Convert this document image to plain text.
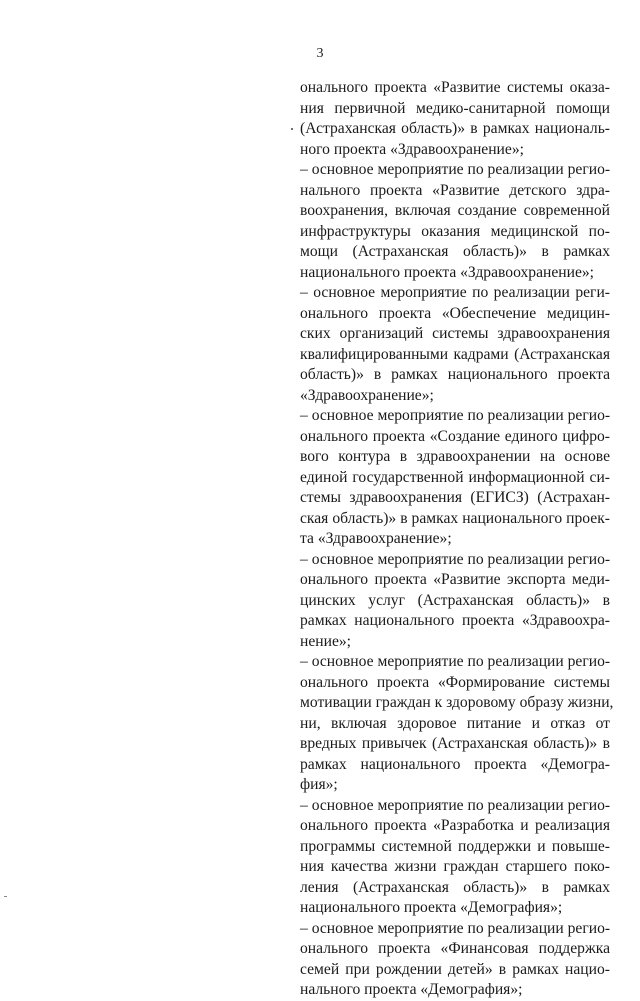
3
онального проекта «Развитие системы оказа-
ния первичной медико-санитарной помощи
(Астраханская область)» в рамках националь-
ного проекта «Здравоохранение»;
– основное мероприятие по реализации регио-
нального проекта «Развитие детского здра-
воохранения, включая создание современной
инфраструктуры оказания медицинской по-
мощи (Астраханская область)» в рамках
национального проекта «Здравоохранение»;
– основное мероприятие по реализации реги-
онального проекта «Обеспечение медицин-
ских организаций системы здравоохранения
квалифицированными кадрами (Астраханская
область)» в рамках национального проекта
«Здравоохранение»;
– основное мероприятие по реализации регио-
онального проекта «Создание единого цифро-
вого контура в здравоохранении на основе
единой государственной информационной си-
стемы здравоохранения (ЕГИСЗ) (Астрахан-
ская область)» в рамках национального проек-
та «Здравоохранение»;
– основное мероприятие по реализации регио-
онального проекта «Развитие экспорта меди-
цинских услуг (Астраханская область)» в
рамках национального проекта «Здравоохра-
нение»;
– основное мероприятие по реализации регио-
онального проекта «Формирование системы
мотивации граждан к здоровому образу жизни,
ни, включая здоровое питание и отказ от
вредных привычек (Астраханская область)» в
рамках национального проекта «Демогра-
фия»;
– основное мероприятие по реализации регио-
онального проекта «Разработка и реализация
программы системной поддержки и повыше-
ния качества жизни граждан старшего поко-
ления (Астраханская область)» в рамках
национального проекта «Демография»;
– основное мероприятие по реализации регио-
онального проекта «Финансовая поддержка
семей при рождении детей» в рамках нацио-
нального проекта «Демография»;
